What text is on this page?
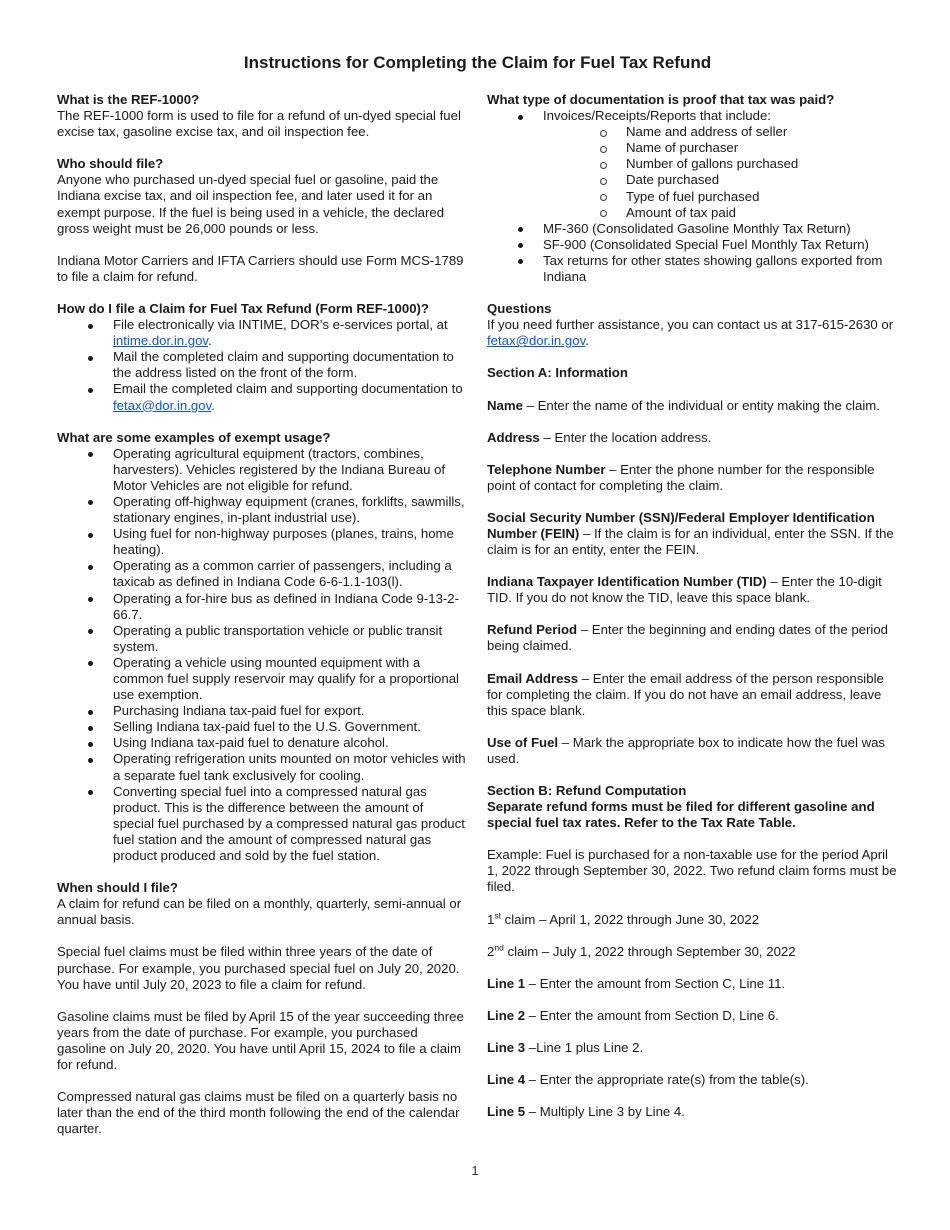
Instructions for Completing the Claim for Fuel Tax Refund

What is the REF-1000?

The REF-1000 form is used to file for a refund of un-dyed special fuel excise tax, gasoline excise tax, and oil inspection fee.

Who should file?

Anyone who purchased un-dyed special fuel or gasoline, paid the Indiana excise tax, and oil inspection fee, and later used it for an exempt purpose. If the fuel is being used in a vehicle, the declared gross weight must be 26,000 pounds or less.

Indiana Motor Carriers and IFTA Carriers should use Form MCS-1789 to file a claim for refund.

How do I file a Claim for Fuel Tax Refund (Form REF-1000)?

File electronically via INTIME, DOR’s e-services portal, at intime.dor.in.gov.
Mail the completed claim and supporting documentation to the address listed on the front of the form.
Email the completed claim and supporting documentation to fetax@dor.in.gov.

What are some examples of exempt usage?

Operating agricultural equipment (tractors, combines, harvesters). Vehicles registered by the Indiana Bureau of Motor Vehicles are not eligible for refund.
Operating off-highway equipment (cranes, forklifts, sawmills, stationary engines, in-plant industrial use).
Using fuel for non-highway purposes (planes, trains, home heating).
Operating as a common carrier of passengers, including a taxicab as defined in Indiana Code 6-6-1.1-103(l).
Operating a for-hire bus as defined in Indiana Code 9-13-2-66.7.
Operating a public transportation vehicle or public transit system.
Operating a vehicle using mounted equipment with a common fuel supply reservoir may qualify for a proportional use exemption.
Purchasing Indiana tax-paid fuel for export.
Selling Indiana tax-paid fuel to the U.S. Government.
Using Indiana tax-paid fuel to denature alcohol.
Operating refrigeration units mounted on motor vehicles with a separate fuel tank exclusively for cooling.
Converting special fuel into a compressed natural gas product. This is the difference between the amount of special fuel purchased by a compressed natural gas product fuel station and the amount of compressed natural gas product produced and sold by the fuel station.

When should I file?

A claim for refund can be filed on a monthly, quarterly, semi-annual or annual basis.

Special fuel claims must be filed within three years of the date of purchase. For example, you purchased special fuel on July 20, 2020. You have until July 20, 2023 to file a claim for refund.

Gasoline claims must be filed by April 15 of the year succeeding three years from the date of purchase. For example, you purchased gasoline on July 20, 2020. You have until April 15, 2024 to file a claim for refund.

Compressed natural gas claims must be filed on a quarterly basis no later than the end of the third month following the end of the calendar quarter.

What type of documentation is proof that tax was paid?

Invoices/Receipts/Reports that include:
Name and address of seller
Name of purchaser
Number of gallons purchased
Date purchased
Type of fuel purchased
Amount of tax paid
MF-360 (Consolidated Gasoline Monthly Tax Return)
SF-900 (Consolidated Special Fuel Monthly Tax Return)
Tax returns for other states showing gallons exported from Indiana

Questions

If you need further assistance, you can contact us at 317-615-2630 or fetax@dor.in.gov.

Section A: Information

Name – Enter the name of the individual or entity making the claim.

Address – Enter the location address.

Telephone Number – Enter the phone number for the responsible point of contact for completing the claim.

Social Security Number (SSN)/Federal Employer Identification Number (FEIN) – If the claim is for an individual, enter the SSN. If the claim is for an entity, enter the FEIN.

Indiana Taxpayer Identification Number (TID) – Enter the 10-digit TID. If you do not know the TID, leave this space blank.

Refund Period – Enter the beginning and ending dates of the period being claimed.

Email Address – Enter the email address of the person responsible for completing the claim. If you do not have an email address, leave this space blank.

Use of Fuel – Mark the appropriate box to indicate how the fuel was used.

Section B: Refund Computation

Separate refund forms must be filed for different gasoline and special fuel tax rates. Refer to the Tax Rate Table.

Example: Fuel is purchased for a non-taxable use for the period April 1, 2022 through September 30, 2022. Two refund claim forms must be filed.

1st claim – April 1, 2022 through June 30, 2022

2nd claim – July 1, 2022 through September 30, 2022

Line 1 – Enter the amount from Section C, Line 11.

Line 2 – Enter the amount from Section D, Line 6.

Line 3 –Line 1 plus Line 2.

Line 4 – Enter the appropriate rate(s) from the table(s).

Line 5 – Multiply Line 3 by Line 4.

1
